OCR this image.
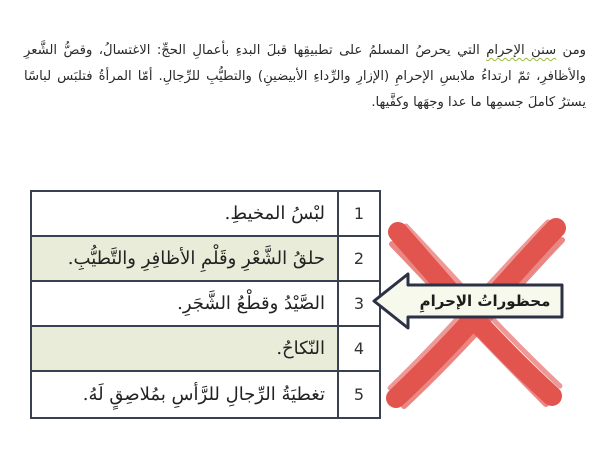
ومن سنن الإحرام التي يحرصُ المسلمُ على تطبيقِها قبلَ البدءِ بأعمالِ الحجِّ: الاغتسالُ، وقصُّ الشَّعرِ والأظافرِ، ثمّ ارتداءُ ملابسِ الإحرامِ (الإزارِ والرِّداءِ الأبيضينِ) والتطيُّبِ للرِّجالِ. أمّا المرأةُ فتلبَس لباسًا يسترُ كاملَ جسمِها ما عدا وجهَها وكفَّيها.
1
لبْسُ المخيطِ.
2
حلقُ الشَّعْرِ وقَلْمِ الأظافِرِ والتَّطيُّبِ.
3
الصَّيْدُ وقطْعُ الشَّجَرِ.
4
النّكاحُ.
5
تغطيَةُ الرِّجالِ للرَّأسِ بمُلاصِقٍ لَهُ.
محظوراتُ الإحرامِ
